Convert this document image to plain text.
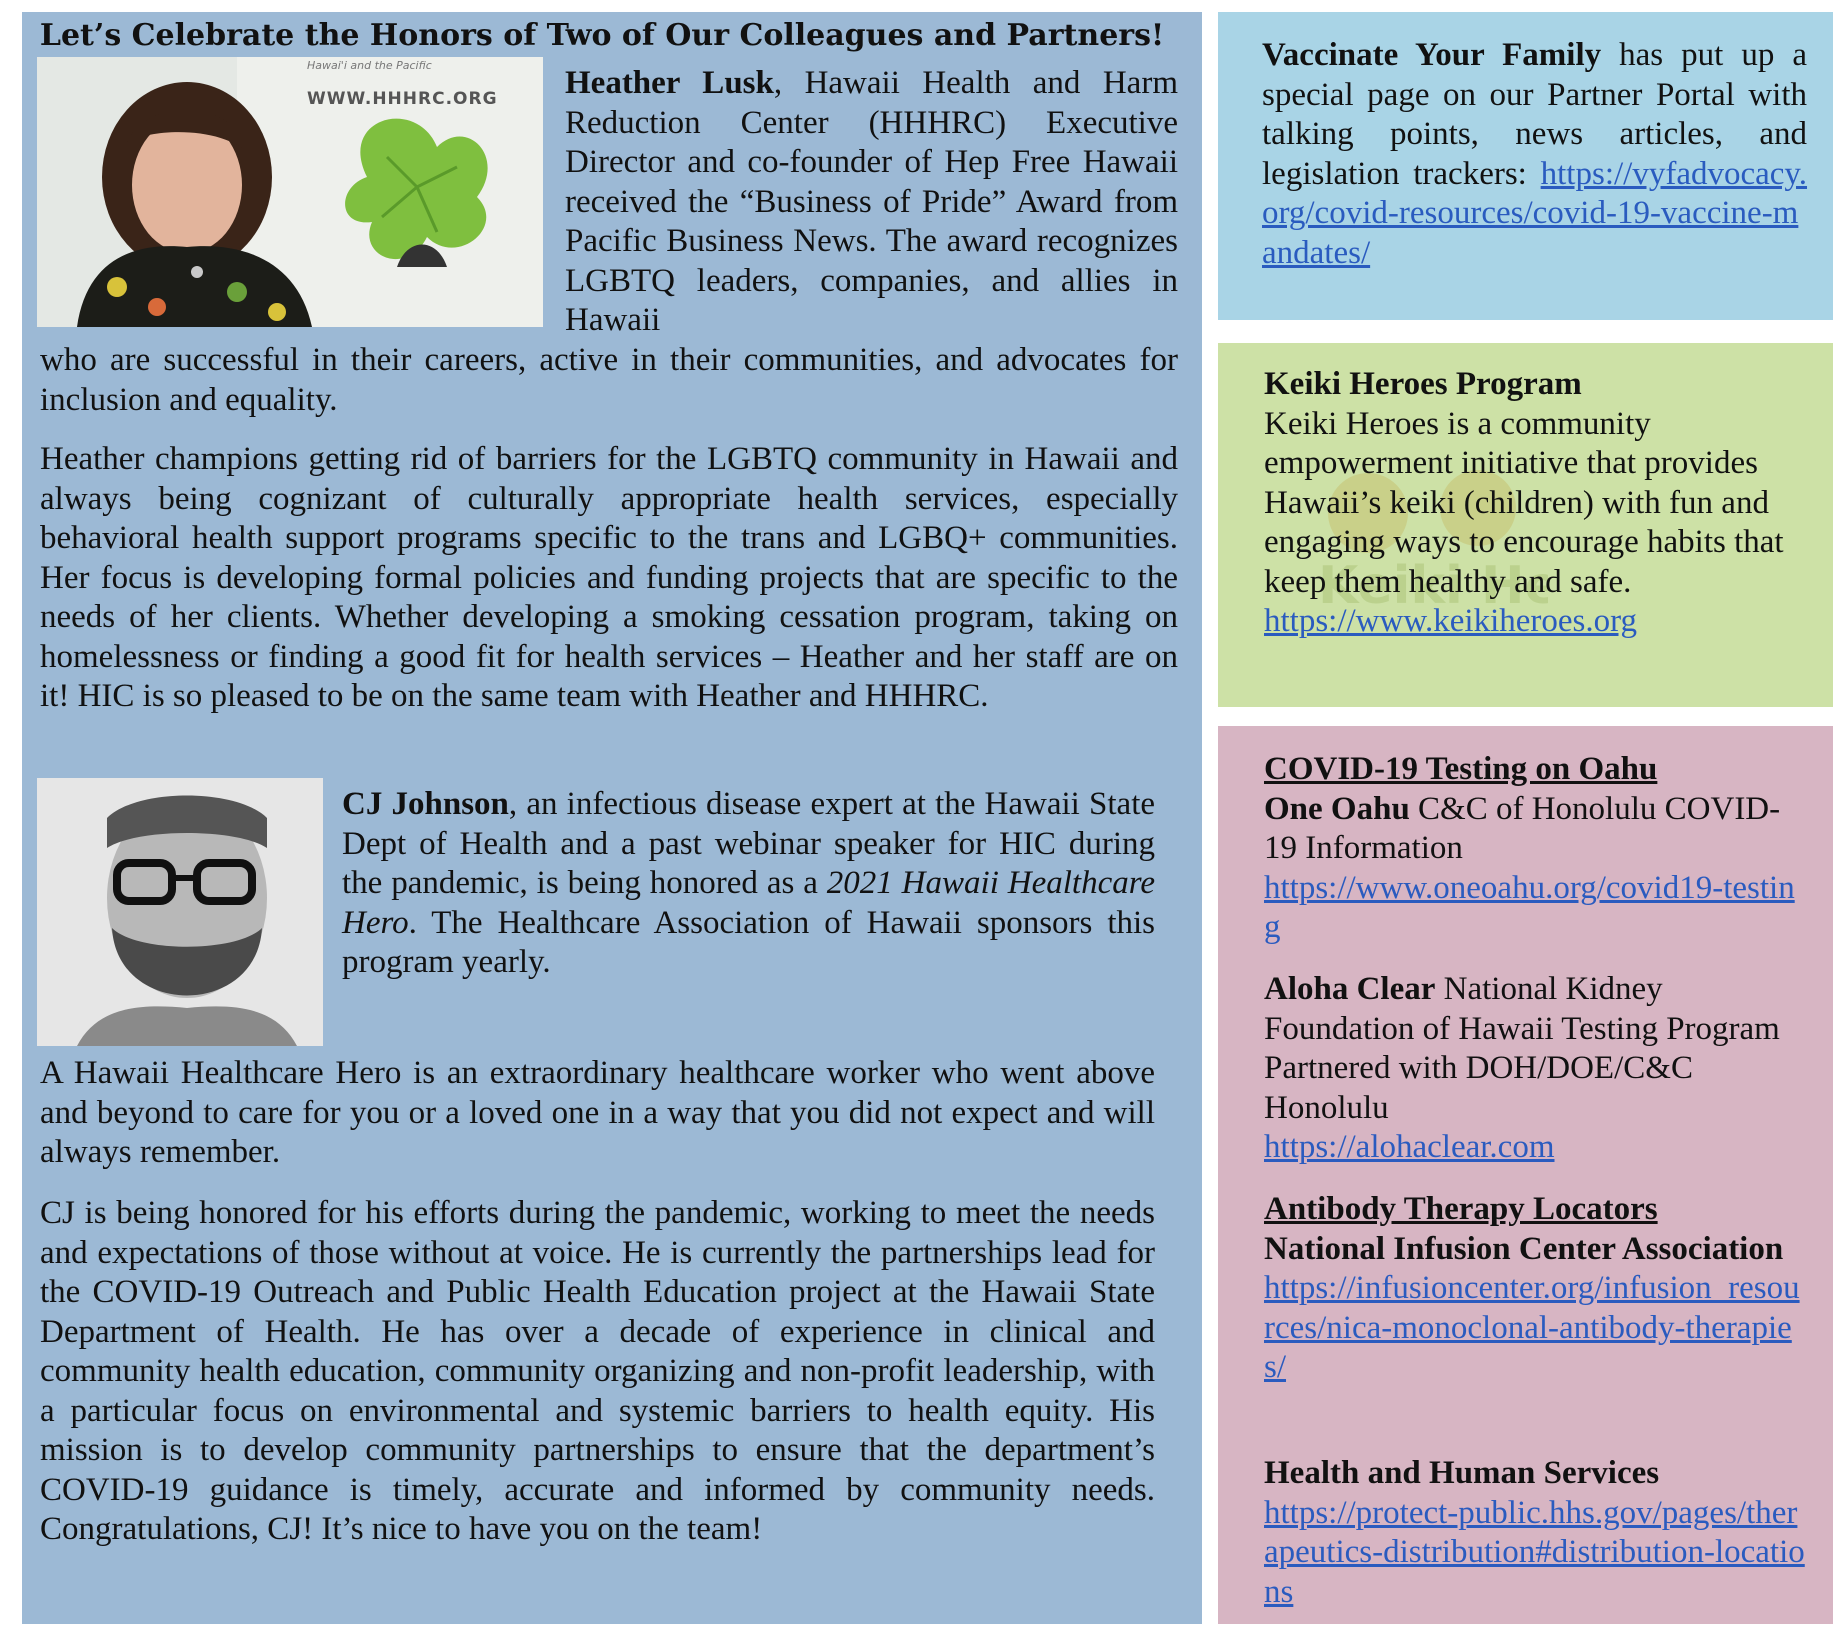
Let’s Celebrate the Honors of Two of Our Colleagues and Partners!
Hawai'i and the Pacific
WWW.HHHRC.ORG Heather Lusk, Hawaii Health and Harm Reduction Center (HHHRC) Executive Director and co-founder of Hep Free Hawaii received the “Business of Pride” Award from Pacific Business News. The award recognizes LGBTQ leaders, companies, and allies in Hawaii
who are successful in their careers, active in their communities, and advocates for inclusion and equality.
Heather champions getting rid of barriers for the LGBTQ community in Hawaii and always being cognizant of culturally appropriate health services, especially behavioral health support programs specific to the trans and LGBQ+ communities. Her focus is developing formal policies and funding projects that are specific to the needs of her clients. Whether developing a smoking cessation program, taking on homelessness or finding a good fit for health services – Heather and her staff are on it! HIC is so pleased to be on the same team with Heather and HHHRC.
CJ Johnson, an infectious disease expert at the Hawaii State Dept of Health and a past webinar speaker for HIC during the pandemic, is being honored as a 2021 Hawaii Healthcare Hero. The Healthcare Association of Hawaii sponsors this program yearly.
A Hawaii Healthcare Hero is an extraordinary healthcare worker who went above and beyond to care for you or a loved one in a way that you did not expect and will always remember.
CJ is being honored for his efforts during the pandemic, working to meet the needs and expectations of those without at voice. He is currently the partnerships lead for the COVID-19 Outreach and Public Health Education project at the Hawaii State Department of Health. He has over a decade of experience in clinical and community health education, community organizing and non-profit leadership, with a particular focus on environmental and systemic barriers to health equity. His mission is to develop community partnerships to ensure that the department’s COVID-19 guidance is timely, accurate and informed by community needs. Congratulations, CJ! It’s nice to have you on the team!
Vaccinate Your Family has put up a special page on our Partner Portal with talking points, news articles, and legislation trackers: https://vyfadvocacy.org/covid-resources/covid-19-vaccine-mandates/
Keiki He
Keiki Heroes Program
Keiki Heroes is a community empowerment initiative that provides Hawaii’s keiki (children) with fun and engaging ways to encourage habits that keep them healthy and safe.
https://www.keikiheroes.org
COVID-19 Testing on Oahu
One Oahu C&C of Honolulu COVID-19 Information
https://www.oneoahu.org/covid19-testing
Aloha Clear National Kidney Foundation of Hawaii Testing Program Partnered with DOH/DOE/C&C Honolulu
https://alohaclear.com
Antibody Therapy Locators
National Infusion Center Association
https://infusioncenter.org/infusion_resources/nica-monoclonal-antibody-therapies/
Health and Human Services
https://protect-public.hhs.gov/pages/therapeutics-distribution#distribution-locations
